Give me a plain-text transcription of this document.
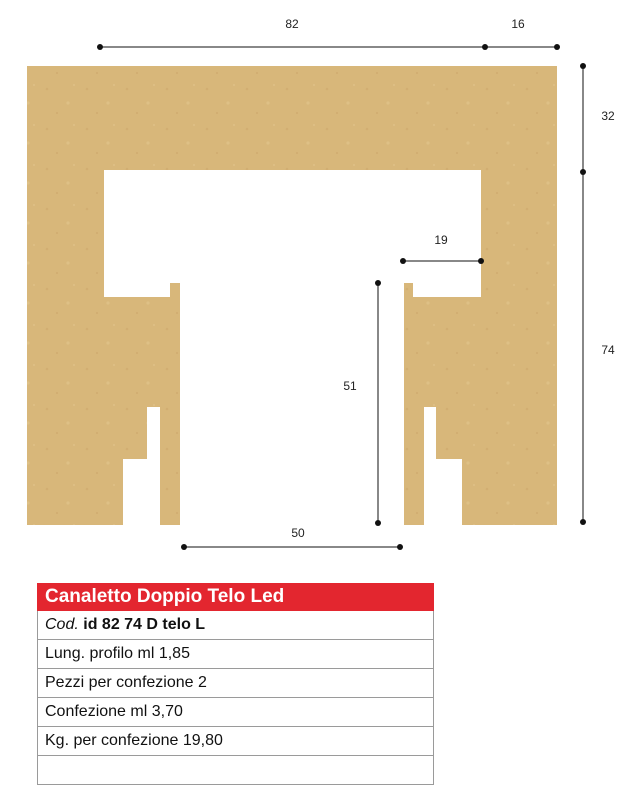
82	16
32
74
19
51
50
Canaletto Doppio Telo Led
Cod. id 82 74 D telo L
Lung. profilo ml 1,85
Pezzi per confezione 2
Confezione ml 3,70
Kg. per confezione 19,80
